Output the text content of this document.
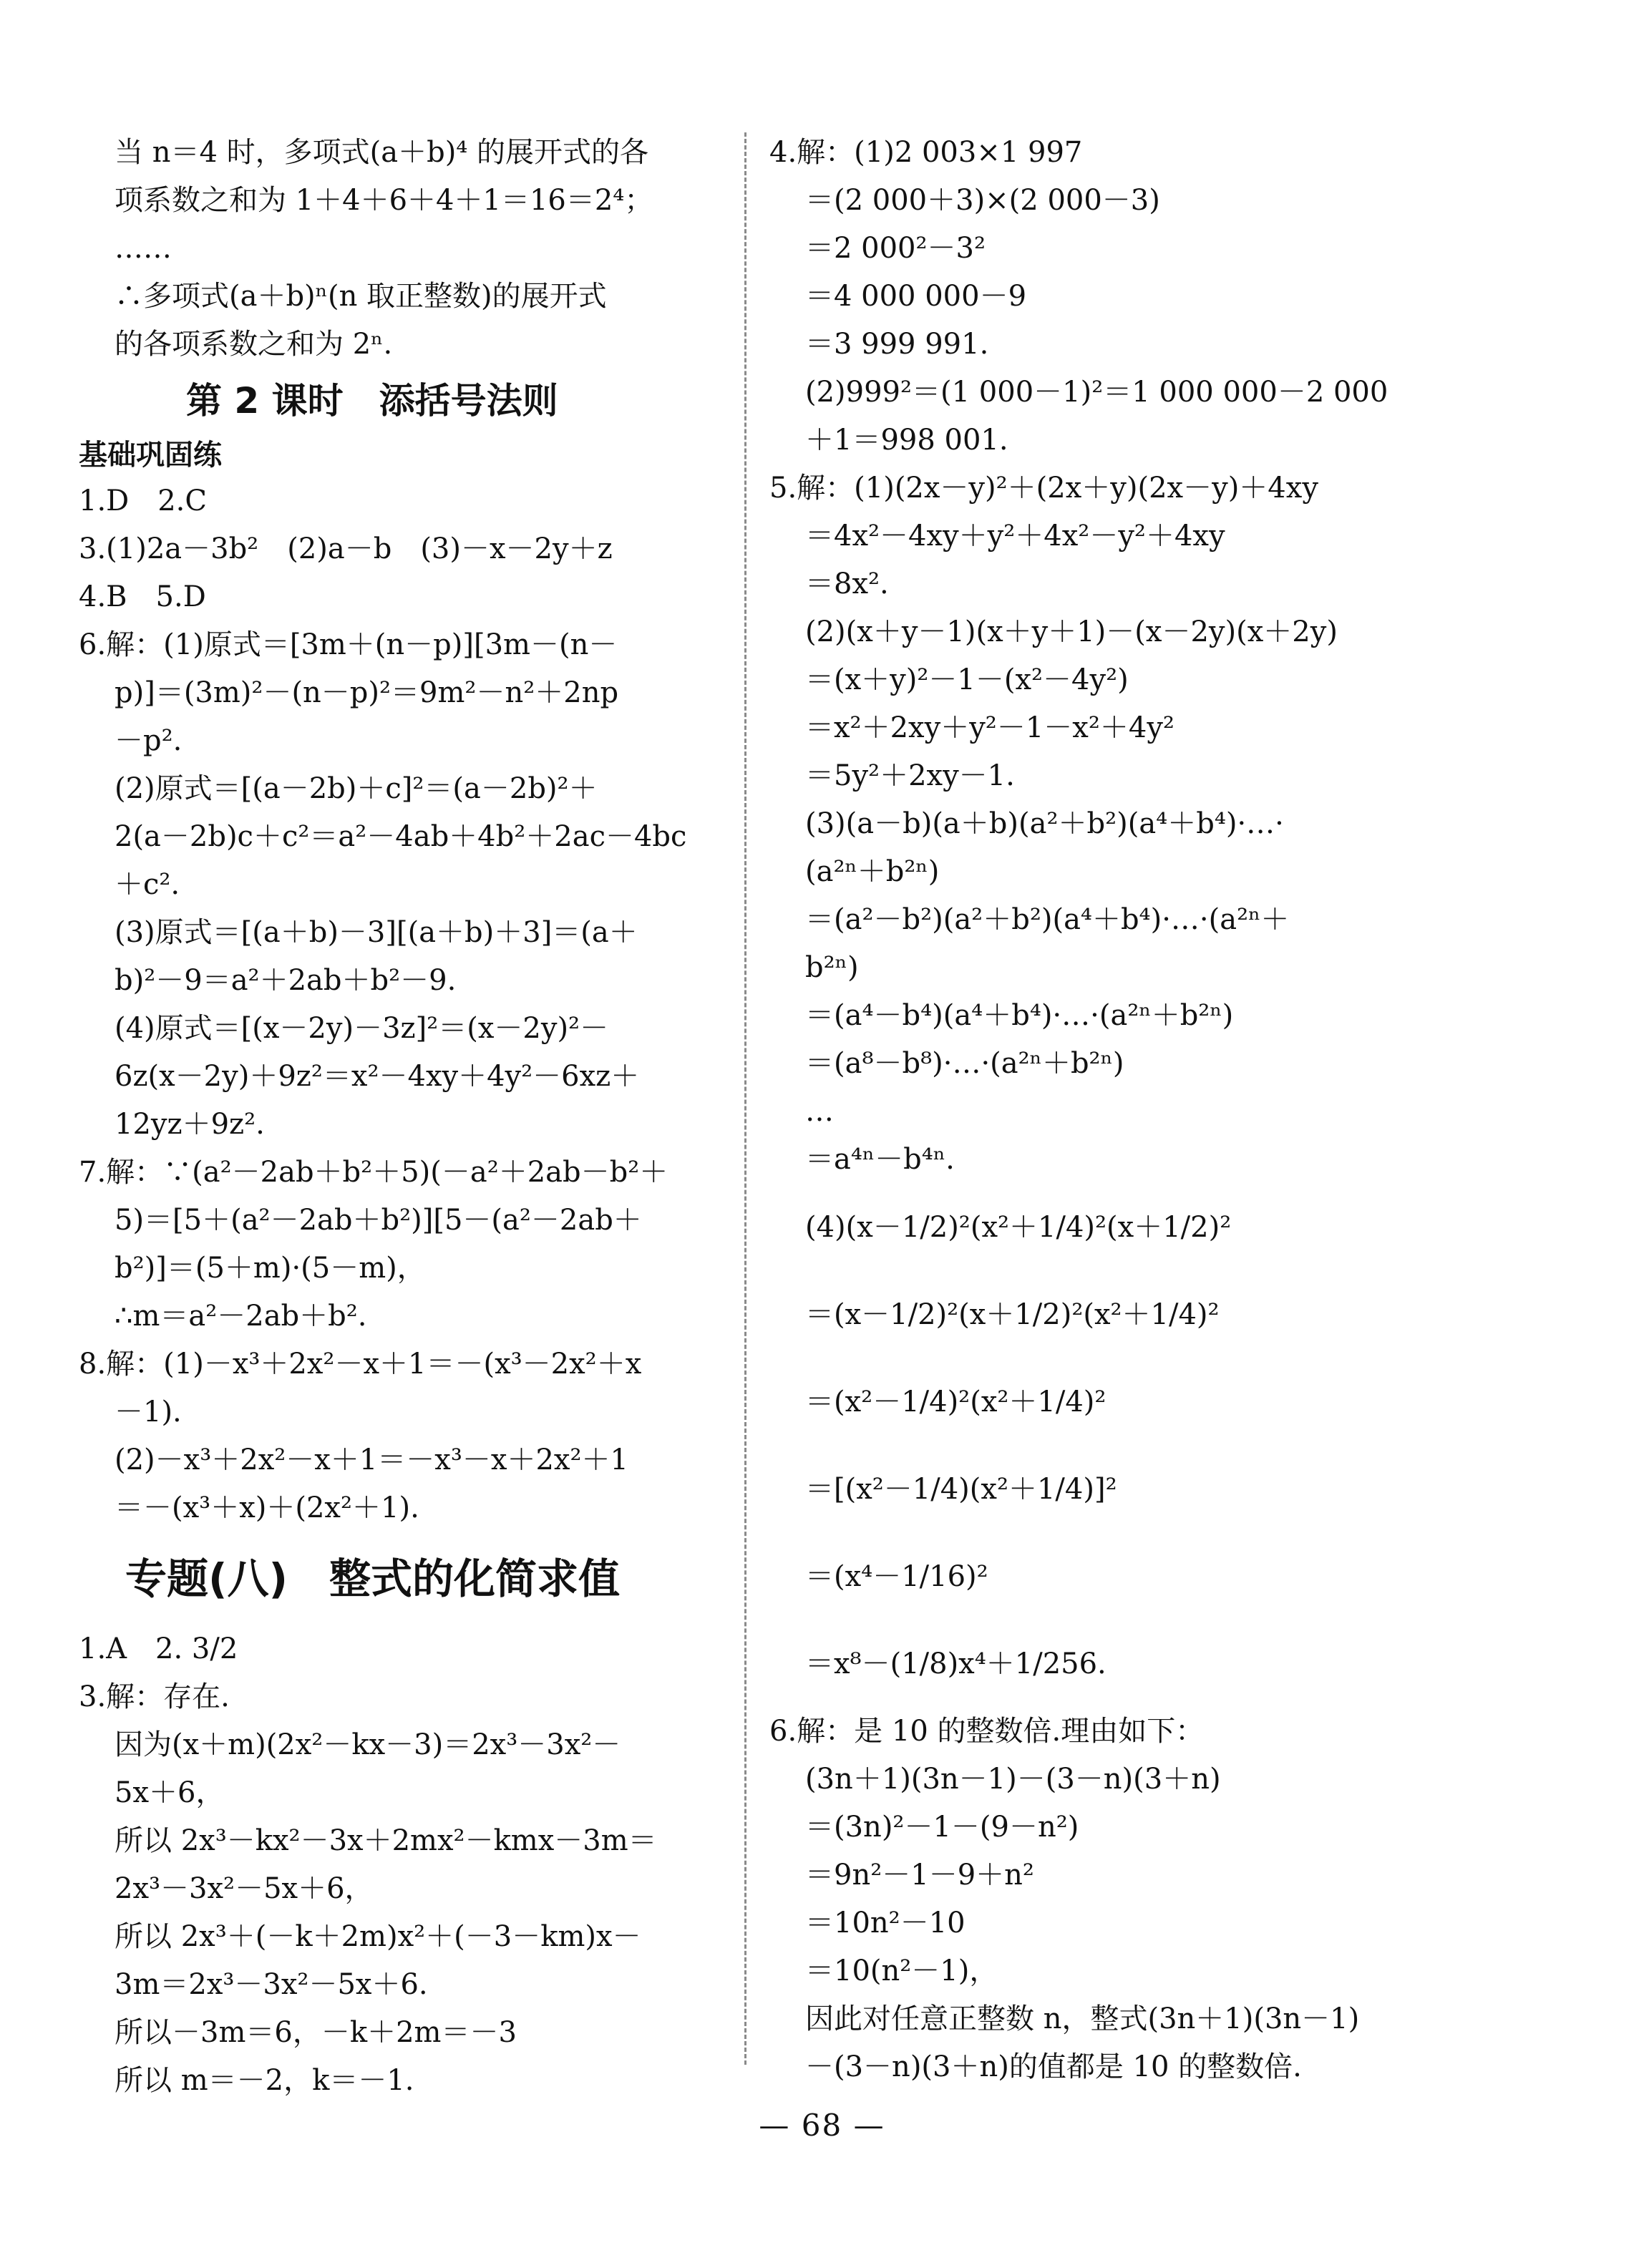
当 n＝4 时，多项式(a＋b)⁴ 的展开式的各
项系数之和为 1＋4＋6＋4＋1＝16＝2⁴；
……
∴多项式(a＋b)ⁿ(n 取正整数)的展开式
的各项系数之和为 2ⁿ.
第 2 课时　添括号法则
基础巩固练
1.D　2.C
3.(1)2a－3b²　(2)a－b　(3)－x－2y＋z
4.B　5.D
6.解：(1)原式＝[3m＋(n－p)][3m－(n－
p)]＝(3m)²－(n－p)²＝9m²－n²＋2np
－p².
(2)原式＝[(a－2b)＋c]²＝(a－2b)²＋
2(a－2b)c＋c²＝a²－4ab＋4b²＋2ac－4bc
＋c².
(3)原式＝[(a＋b)－3][(a＋b)＋3]＝(a＋
b)²－9＝a²＋2ab＋b²－9.
(4)原式＝[(x－2y)－3z]²＝(x－2y)²－
6z(x－2y)＋9z²＝x²－4xy＋4y²－6xz＋
12yz＋9z².
7.解：∵(a²－2ab＋b²＋5)(－a²＋2ab－b²＋
5)＝[5＋(a²－2ab＋b²)][5－(a²－2ab＋
b²)]＝(5＋m)·(5－m)，
∴m＝a²－2ab＋b².
8.解：(1)－x³＋2x²－x＋1＝－(x³－2x²＋x
－1).
(2)－x³＋2x²－x＋1＝－x³－x＋2x²＋1
＝－(x³＋x)＋(2x²＋1).
专题(八)　整式的化简求值
1.A　2. 3/2
3.解：存在.
因为(x＋m)(2x²－kx－3)＝2x³－3x²－
5x＋6，
所以 2x³－kx²－3x＋2mx²－kmx－3m＝
2x³－3x²－5x＋6，
所以 2x³＋(－k＋2m)x²＋(－3－km)x－
3m＝2x³－3x²－5x＋6.
所以－3m＝6，－k＋2m＝－3
所以 m＝－2，k＝－1.
4.解：(1)2 003×1 997
＝(2 000＋3)×(2 000－3)
＝2 000²－3²
＝4 000 000－9
＝3 999 991.
(2)999²＝(1 000－1)²＝1 000 000－2 000
＋1＝998 001.
5.解：(1)(2x－y)²＋(2x＋y)(2x－y)＋4xy
＝4x²－4xy＋y²＋4x²－y²＋4xy
＝8x².
(2)(x＋y－1)(x＋y＋1)－(x－2y)(x＋2y)
＝(x＋y)²－1－(x²－4y²)
＝x²＋2xy＋y²－1－x²＋4y²
＝5y²＋2xy－1.
(3)(a－b)(a＋b)(a²＋b²)(a⁴＋b⁴)·…·
(a²ⁿ＋b²ⁿ)
＝(a²－b²)(a²＋b²)(a⁴＋b⁴)·…·(a²ⁿ＋
b²ⁿ)
＝(a⁴－b⁴)(a⁴＋b⁴)·…·(a²ⁿ＋b²ⁿ)
＝(a⁸－b⁸)·…·(a²ⁿ＋b²ⁿ)
…
＝a⁴ⁿ－b⁴ⁿ.
(4)(x－1/2)²(x²＋1/4)²(x＋1/2)²
＝(x－1/2)²(x＋1/2)²(x²＋1/4)²
＝(x²－1/4)²(x²＋1/4)²
＝[(x²－1/4)(x²＋1/4)]²
＝(x⁴－1/16)²
＝x⁸－(1/8)x⁴＋1/256.
6.解：是 10 的整数倍.理由如下：
(3n＋1)(3n－1)－(3－n)(3＋n)
＝(3n)²－1－(9－n²)
＝9n²－1－9＋n²
＝10n²－10
＝10(n²－1)，
因此对任意正整数 n，整式(3n＋1)(3n－1)
－(3－n)(3＋n)的值都是 10 的整数倍.
— 68 —
